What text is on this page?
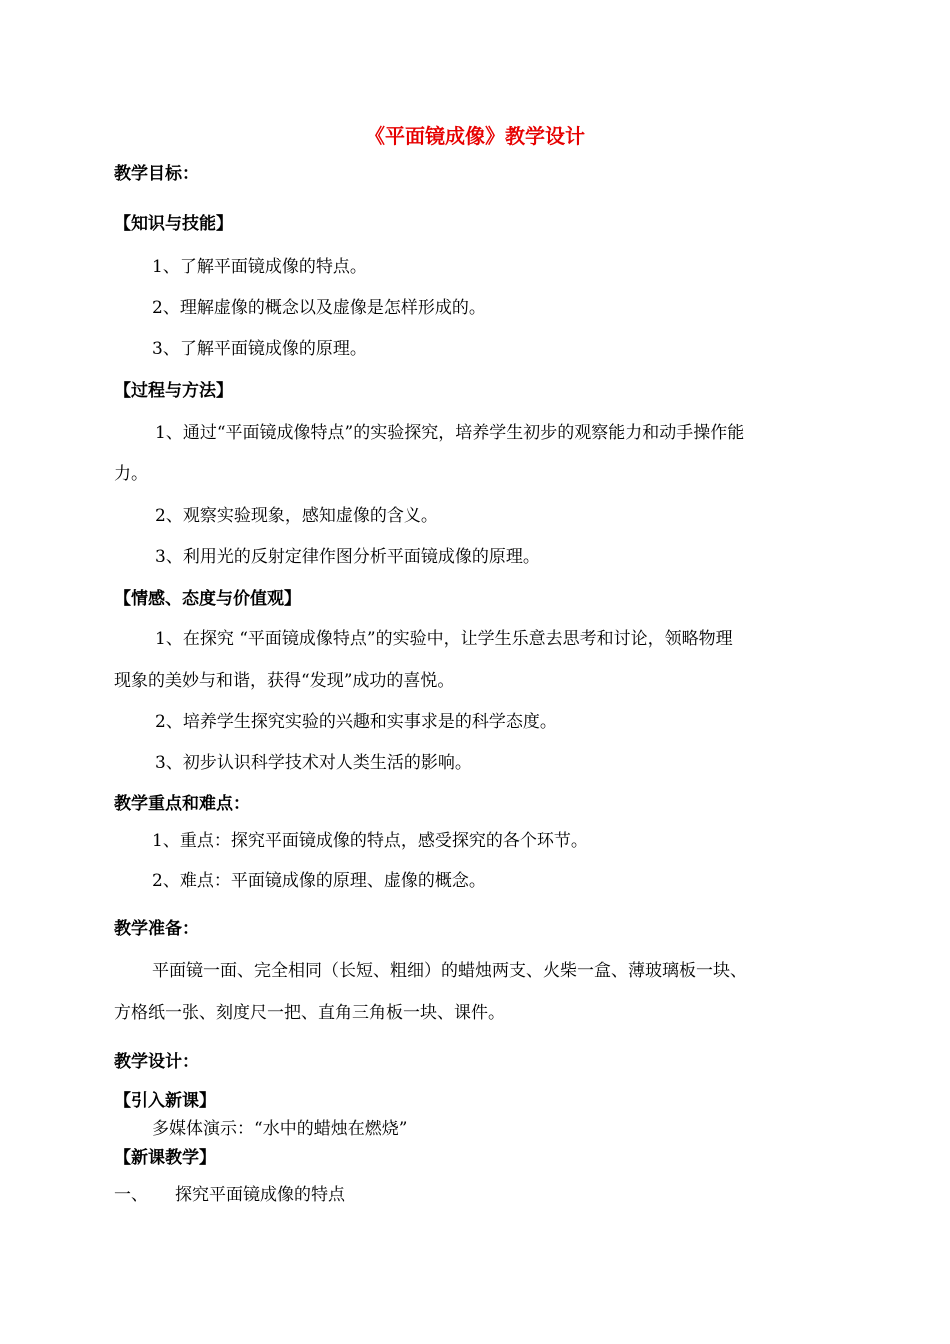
《平面镜成像》教学设计
教学目标：
【知识与技能】
1、了解平面镜成像的特点。
2、理解虚像的概念以及虚像是怎样形成的。
3、了解平面镜成像的原理。
【过程与方法】
1、通过“平面镜成像特点”的实验探究，培养学生初步的观察能力和动手操作能
力。
2、观察实验现象，感知虚像的含义。
3、利用光的反射定律作图分析平面镜成像的原理。
【情感、态度与价值观】
1、在探究 “平面镜成像特点”的实验中，让学生乐意去思考和讨论，领略物理
现象的美妙与和谐，获得“发现”成功的喜悦。
2、培养学生探究实验的兴趣和实事求是的科学态度。
3、初步认识科学技术对人类生活的影响。
教学重点和难点：
1、重点：探究平面镜成像的特点，感受探究的各个环节。
2、难点：平面镜成像的原理、虚像的概念。
教学准备：
平面镜一面、完全相同（长短、粗细）的蜡烛两支、火柴一盒、薄玻璃板一块、
方格纸一张、刻度尺一把、直角三角板一块、课件。
教学设计：
【引入新课】
多媒体演示：“水中的蜡烛在燃烧”
【新课教学】
一、 探究平面镜成像的特点
